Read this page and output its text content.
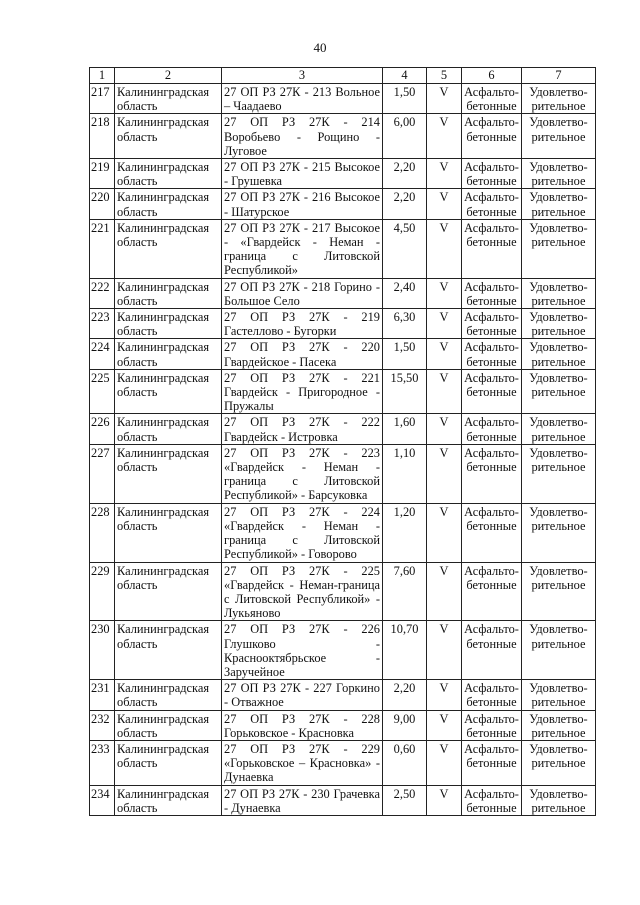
40
1	2	3	4	5	6	7
217	Калининградская область	27 ОП РЗ 27К - 213 Вольное – Чаадаево	1,50	V	Асфальто-бетонные	Удовлетво-рительное
218	Калининградская область	27 ОП РЗ 27К - 214 Воробьево - Рощино - Луговое	6,00	V	Асфальто-бетонные	Удовлетво-рительное
219	Калининградская область	27 ОП РЗ 27К - 215 Высокое - Грушевка	2,20	V	Асфальто-бетонные	Удовлетво-рительное
220	Калининградская область	27 ОП РЗ 27К - 216 Высокое - Шатурское	2,20	V	Асфальто-бетонные	Удовлетво-рительное
221	Калининградская область	27 ОП РЗ 27К - 217 Высокое - «Гвардейск - Неман - граница с Литовской Республикой»	4,50	V	Асфальто-бетонные	Удовлетво-рительное
222	Калининградская область	27 ОП РЗ 27К - 218 Горино - Большое Село	2,40	V	Асфальто-бетонные	Удовлетво-рительное
223	Калининградская область	27 ОП РЗ 27К - 219 Гастеллово - Бугорки	6,30	V	Асфальто-бетонные	Удовлетво-рительное
224	Калининградская область	27 ОП РЗ 27К - 220 Гвардейское - Пасека	1,50	V	Асфальто-бетонные	Удовлетво-рительное
225	Калининградская область	27 ОП РЗ 27К - 221 Гвардейск - Пригородное - Пружалы	15,50	V	Асфальто-бетонные	Удовлетво-рительное
226	Калининградская область	27 ОП РЗ 27К - 222 Гвардейск - Истровка	1,60	V	Асфальто-бетонные	Удовлетво-рительное
227	Калининградская область	27 ОП РЗ 27К - 223 «Гвардейск - Неман - граница с Литовской Республикой» - Барсуковка	1,10	V	Асфальто-бетонные	Удовлетво-рительное
228	Калининградская область	27 ОП РЗ 27К - 224 «Гвардейск - Неман - граница с Литовской Республикой» - Говорово	1,20	V	Асфальто-бетонные	Удовлетво-рительное
229	Калининградская область	27 ОП РЗ 27К - 225 «Гвардейск - Неман-граница с Литовской Республикой» - Лукьяново	7,60	V	Асфальто-бетонные	Удовлетво-рительное
230	Калининградская область	27 ОП РЗ 27К - 226 Глушково - Краснооктябрьское - Заручейное	10,70	V	Асфальто-бетонные	Удовлетво-рительное
231	Калининградская область	27 ОП РЗ 27К - 227 Горкино - Отважное	2,20	V	Асфальто-бетонные	Удовлетво-рительное
232	Калининградская область	27 ОП РЗ 27К - 228 Горьковское - Красновка	9,00	V	Асфальто-бетонные	Удовлетво-рительное
233	Калининградская область	27 ОП РЗ 27К - 229 «Горьковское – Красновка» - Дунаевка	0,60	V	Асфальто-бетонные	Удовлетво-рительное
234	Калининградская область	27 ОП РЗ 27К - 230 Грачевка - Дунаевка	2,50	V	Асфальто-бетонные	Удовлетво-рительное
